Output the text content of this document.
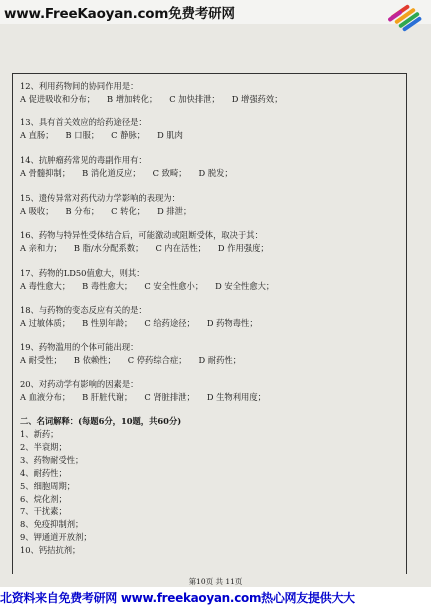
www.FreeKaoyan.com免费考研网
12、利用药物间的协同作用是：
A 促进吸收和分布； B 增加转化； C 加快排泄； D 增强药效；
13、具有首关效应的给药途径是：
A 直肠； B 口服； C 静脉； D 肌肉
14、抗肿瘤药常见的毒副作用有：
A 骨髓抑制； B 消化道反应； C 致畸； D 脱发；
15、遗传异常对药代动力学影响的表现为：
A 吸收； B 分布； C 转化； D 排泄；
16、药物与特异性受体结合后，可能激动或阻断受体，取决于其：
A 亲和力； B 脂/水分配系数； C 内在活性； D 作用强度；
17、药物的LD50值愈大，则其：
A 毒性愈大； B 毒性愈大； C 安全性愈小； D 安全性愈大；
18、与药物的变态反应有关的是：
A 过敏体质； B 性别年龄； C 给药途径； D 药物毒性；
19、药物滥用的个体可能出现：
A 耐受性； B 依赖性； C 停药综合症； D 耐药性；
20、对药动学有影响的因素是：
A 血液分布； B 肝脏代谢； C 肾脏排泄； D 生物利用度；
二、名词解释：(每题6分，10题，共60分)
1、新药；
2、半衰期；
3、药物耐受性；
4、耐药性；
5、细胞周期；
6、烷化剂；
7、干扰素；
8、免疫抑制剂；
9、钾通道开放剂；
10、钙拮抗剂；
第10页 共 11页
北资料来自免费考研网 www.freekaoyan.com热心网友提供大大
